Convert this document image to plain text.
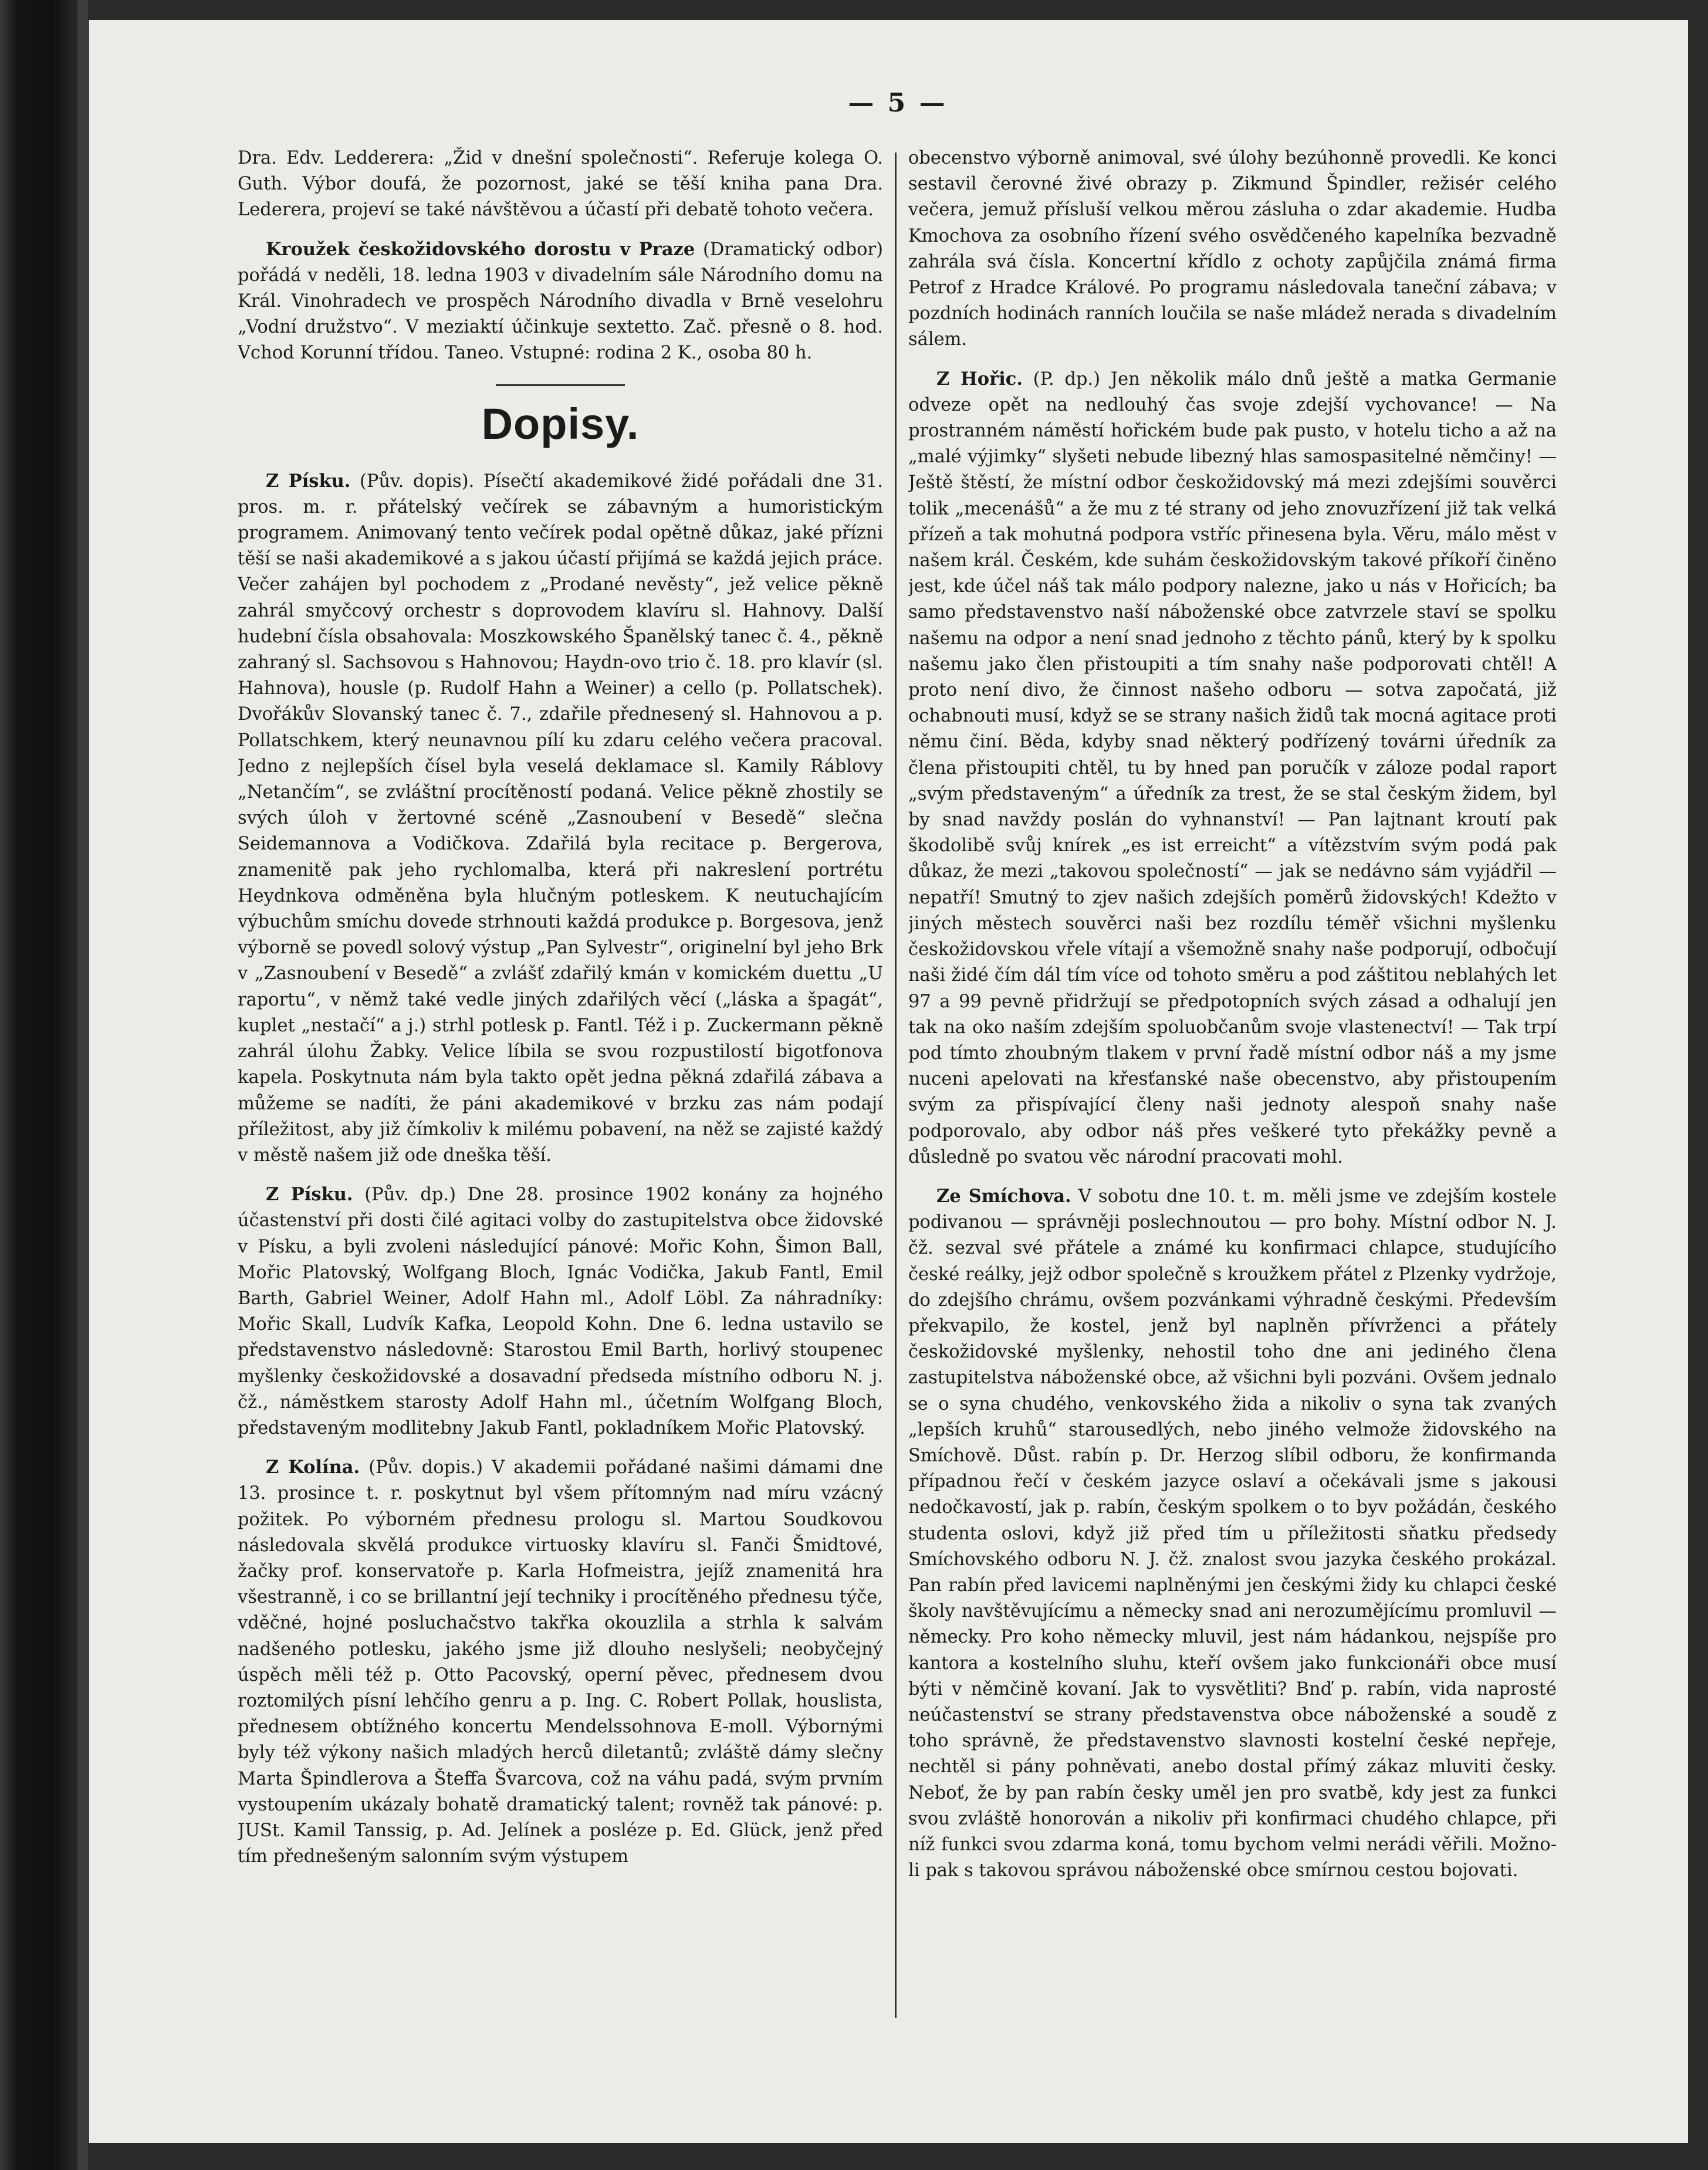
— 5 —

Dra. Edv. Ledderera: „Žid v dnešní společnosti“. Referuje kolega O. Guth. Výbor doufá, že pozornost, jaké se těší kniha pana Dra. Lederera, projeví se také návštěvou a účastí při debatě tohoto večera.

Kroužek českožidovského dorostu v Praze (Dramatický odbor) pořádá v neděli, 18. ledna 1903 v divadelním sále Národního domu na Král. Vinohradech ve prospěch Národního divadla v Brně veselohru „Vodní družstvo“. V meziaktí účinkuje sextetto. Zač. přesně o 8. hod. Vchod Korunní třídou. Taneo. Vstupné: rodina 2 K., osoba 80 h.

Dopisy.

Z Písku. (Pův. dopis). Písečtí akademikové židé pořádali dne 31. pros. m. r. přátelský večírek se zábavným a humoristickým programem. Animovaný tento večírek podal opětně důkaz, jaké přízni těší se naši akademikové a s jakou účastí přijímá se každá jejich práce. Večer zahájen byl pochodem z „Prodané nevěsty“, jež velice pěkně zahrál smyčcový orchestr s doprovodem klavíru sl. Hahnovy. Další hudební čísla obsahovala: Moszkowského Španělský tanec č. 4., pěkně zahraný sl. Sachsovou s Hahnovou; Haydn-ovo trio č. 18. pro klavír (sl. Hahnova), housle (p. Rudolf Hahn a Weiner) a cello (p. Pollatschek). Dvořákův Slovanský tanec č. 7., zdařile přednesený sl. Hahnovou a p. Pollatschkem, který neunavnou pílí ku zdaru celého večera pracoval. Jedno z nejlepších čísel byla veselá deklamace sl. Kamily Ráblovy „Netančím“, se zvláštní procítěností podaná. Velice pěkně zhostily se svých úloh v žertovné scéně „Zasnoubení v Besedě“ slečna Seidemannova a Vodičkova. Zdařilá byla recitace p. Bergerova, znamenitě pak jeho rychlomalba, která při nakreslení portrétu Heydnkova odměněna byla hlučným potleskem. K neutuchajícím výbuchům smíchu dovede strhnouti každá produkce p. Borgesova, jenž výborně se povedl solový výstup „Pan Sylvestr“, originelní byl jeho Brk v „Zasnoubení v Besedě“ a zvlášť zdařilý kmán v komickém duettu „U raportu“, v němž také vedle jiných zdařilých věcí („láska a špagát“, kuplet „nestačí“ a j.) strhl potlesk p. Fantl. Též i p. Zuckermann pěkně zahrál úlohu Žabky. Velice líbila se svou rozpustilostí bigotfonova kapela. Poskytnuta nám byla takto opět jedna pěkná zdařilá zábava a můžeme se nadíti, že páni akademikové v brzku zas nám podají příležitost, aby již čímkoliv k milému pobavení, na něž se zajisté každý v městě našem již ode dneška těší.

Z Písku. (Pův. dp.) Dne 28. prosince 1902 konány za hojného účastenství při dosti čilé agitaci volby do zastupitelstva obce židovské v Písku, a byli zvoleni následující pánové: Mořic Kohn, Šimon Ball, Mořic Platovský, Wolfgang Bloch, Ignác Vodička, Jakub Fantl, Emil Barth, Gabriel Weiner, Adolf Hahn ml., Adolf Löbl. Za náhradníky: Mořic Skall, Ludvík Kafka, Leopold Kohn. Dne 6. ledna ustavilo se představenstvo následovně: Starostou Emil Barth, horlivý stoupenec myšlenky českožidovské a dosavadní předseda místního odboru N. j. čž., náměstkem starosty Adolf Hahn ml., účetním Wolfgang Bloch, představeným modlitebny Jakub Fantl, pokladníkem Mořic Platovský.

Z Kolína. (Pův. dopis.) V akademii pořádané našimi dámami dne 13. prosince t. r. poskytnut byl všem přítomným nad míru vzácný požitek. Po výborném přednesu prologu sl. Martou Soudkovou následovala skvělá produkce virtuosky klavíru sl. Fanči Šmidtové, žačky prof. konservatoře p. Karla Hofmeistra, jejíž znamenitá hra všestranně, i co se brillantní její techniky i procítěného přednesu týče, vděčné, hojné posluchačstvo takřka okouzlila a strhla k salvám nadšeného potlesku, jakého jsme již dlouho neslyšeli; neobyčejný úspěch měli též p. Otto Pacovský, operní pěvec, přednesem dvou roztomilých písní lehčího genru a p. Ing. C. Robert Pollak, houslista, přednesem obtížného koncertu Mendelssohnova E-moll. Výbornými byly též výkony našich mladých herců diletantů; zvláště dámy slečny Marta Špindlerova a Šteffa Švarcova, což na váhu padá, svým prvním vystoupením ukázaly bohatě dramatický talent; rovněž tak pánové: p. JUSt. Kamil Tanssig, p. Ad. Jelínek a posléze p. Ed. Glück, jenž před tím přednešeným salonním svým výstupem

obecenstvo výborně animoval, své úlohy bezúhonně provedli. Ke konci sestavil čerovné živé obrazy p. Zikmund Špindler, režisér celého večera, jemuž přísluší velkou měrou zásluha o zdar akademie. Hudba Kmochova za osobního řízení svého osvědčeného kapelníka bezvadně zahrála svá čísla. Koncertní křídlo z ochoty zapůjčila známá firma Petrof z Hradce Králové. Po programu následovala taneční zábava; v pozdních hodinách ranních loučila se naše mládež nerada s divadelním sálem.

Z Hořic. (P. dp.) Jen několik málo dnů ještě a matka Germanie odveze opět na nedlouhý čas svoje zdejší vychovance! — Na prostranném náměstí hořickém bude pak pusto, v hotelu ticho a až na „malé výjimky“ slyšeti nebude libezný hlas samospasitelné němčiny! — Ještě štěstí, že místní odbor českožidovský má mezi zdejšími souvěrci tolik „mecenášů“ a že mu z té strany od jeho znovuzřízení již tak velká přízeň a tak mohutná podpora vstříc přinesena byla. Věru, málo měst v našem král. Českém, kde suhám českožidovským takové příkoří činěno jest, kde účel náš tak málo podpory nalezne, jako u nás v Hořicích; ba samo představenstvo naší náboženské obce zatvrzele staví se spolku našemu na odpor a není snad jednoho z těchto pánů, který by k spolku našemu jako člen přistoupiti a tím snahy naše podporovati chtěl! A proto není divo, že činnost našeho odboru — sotva započatá, již ochabnouti musí, když se se strany našich židů tak mocná agitace proti němu činí. Běda, kdyby snad některý podřízený továrni úředník za člena přistoupiti chtěl, tu by hned pan poručík v záloze podal raport „svým představeným“ a úředník za trest, že se stal českým židem, byl by snad navždy poslán do vyhnanství! — Pan lajtnant kroutí pak škodolibě svůj knírek „es ist erreicht“ a vítězstvím svým podá pak důkaz, že mezi „takovou společností“ — jak se nedávno sám vyjádřil — nepatří! Smutný to zjev našich zdejších poměrů židovských! Kdežto v jiných městech souvěrci naši bez rozdílu téměř všichni myšlenku českožidovskou vřele vítají a všemožně snahy naše podporují, odbočují naši židé čím dál tím více od tohoto směru a pod záštitou neblahých let 97 a 99 pevně přidržují se předpotopních svých zásad a odhalují jen tak na oko naším zdejším spoluobčanům svoje vlastenectví! — Tak trpí pod tímto zhoubným tlakem v první řadě místní odbor náš a my jsme nuceni apelovati na křesťanské naše obecenstvo, aby přistoupením svým za přispívající členy naši jednoty alespoň snahy naše podporovalo, aby odbor náš přes veškeré tyto překážky pevně a důsledně po svatou věc národní pracovati mohl.

Ze Smíchova. V sobotu dne 10. t. m. měli jsme ve zdejším kostele podivanou — správněji poslechnoutou — pro bohy. Místní odbor N. J. čž. sezval své přátele a známé ku konfirmaci chlapce, studujícího české reálky, jejž odbor společně s kroužkem přátel z Plzenky vydržoje, do zdejšího chrámu, ovšem pozvánkami výhradně českými. Především překvapilo, že kostel, jenž byl naplněn přívrženci a přátely českožidovské myšlenky, nehostil toho dne ani jediného člena zastupitelstva náboženské obce, až všichni byli pozváni. Ovšem jednalo se o syna chudého, venkovského žida a nikoliv o syna tak zvaných „lepších kruhů“ starousedlých, nebo jiného velmože židovského na Smíchově. Důst. rabín p. Dr. Herzog slíbil odboru, že konfirmanda případnou řečí v českém jazyce oslaví a očekávali jsme s jakousi nedočkavostí, jak p. rabín, českým spolkem o to byv požádán, českého studenta oslovi, když již před tím u příležitosti sňatku předsedy Smíchovského odboru N. J. čž. znalost svou jazyka českého prokázal. Pan rabín před lavicemi naplněnými jen českými židy ku chlapci české školy navštěvujícímu a německy snad ani nerozumějícímu promluvil — německy. Pro koho německy mluvil, jest nám hádankou, nejspíše pro kantora a kostelního sluhu, kteří ovšem jako funkcionáři obce musí býti v němčině kovaní. Jak to vysvětliti? Bnď p. rabín, vida naprosté neúčastenství se strany představenstva obce náboženské a soudě z toho správně, že představenstvo slavnosti kostelní české nepřeje, nechtěl si pány pohněvati, anebo dostal přímý zákaz mluviti česky. Neboť, že by pan rabín česky uměl jen pro svatbě, kdy jest za funkci svou zvláště honorován a nikoliv při konfirmaci chudého chlapce, při níž funkci svou zdarma koná, tomu bychom velmi nerádi věřili. Možno-li pak s takovou správou náboženské obce smírnou cestou bojovati.
